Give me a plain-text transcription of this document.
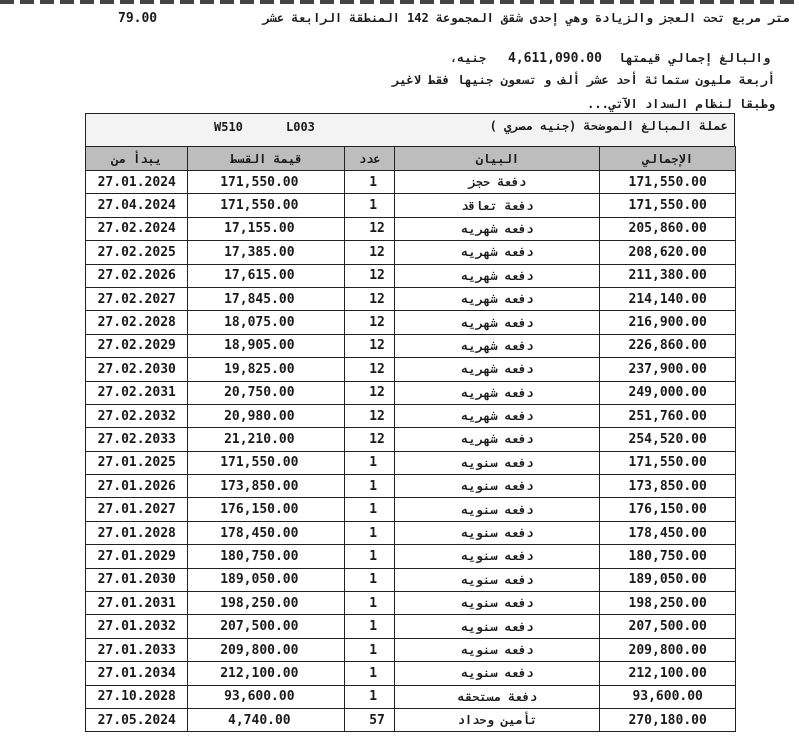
79.00	متر مربع تحت العجز والزيادة وهي إحدى شقق المجموعة 142 المنطقة الرابعة عشر
والبالغ إجمالي قيمتها
4,611,090.00
جنيه،
أربعة مليون ستمائة أحد عشر ألف و تسعون جنيها فقط لاغير
وطبقا لنظام السداد الآتي...
W510	L003	عملة المبالغ الموضحة (جنيه مصري )
يبدأ من	قيمة القسط	عدد	البيان	الإجمالي
27.01.2024	171,550.00	1	دفعة حجز	171,550.00
27.04.2024	171,550.00	1	دفعة تعاقد	171,550.00
27.02.2024	17,155.00	12	دفعه شهريه	205,860.00
27.02.2025	17,385.00	12	دفعه شهريه	208,620.00
27.02.2026	17,615.00	12	دفعه شهريه	211,380.00
27.02.2027	17,845.00	12	دفعه شهريه	214,140.00
27.02.2028	18,075.00	12	دفعه شهريه	216,900.00
27.02.2029	18,905.00	12	دفعه شهريه	226,860.00
27.02.2030	19,825.00	12	دفعه شهريه	237,900.00
27.02.2031	20,750.00	12	دفعه شهريه	249,000.00
27.02.2032	20,980.00	12	دفعه شهريه	251,760.00
27.02.2033	21,210.00	12	دفعه شهريه	254,520.00
27.01.2025	171,550.00	1	دفعه سنويه	171,550.00
27.01.2026	173,850.00	1	دفعه سنويه	173,850.00
27.01.2027	176,150.00	1	دفعه سنويه	176,150.00
27.01.2028	178,450.00	1	دفعه سنويه	178,450.00
27.01.2029	180,750.00	1	دفعه سنويه	180,750.00
27.01.2030	189,050.00	1	دفعه سنويه	189,050.00
27.01.2031	198,250.00	1	دفعه سنويه	198,250.00
27.01.2032	207,500.00	1	دفعه سنويه	207,500.00
27.01.2033	209,800.00	1	دفعه سنويه	209,800.00
27.01.2034	212,100.00	1	دفعه سنويه	212,100.00
27.10.2028	93,600.00	1	دفعة مستحقه	93,600.00
27.05.2024	4,740.00	57	تأمين وحداد	270,180.00
